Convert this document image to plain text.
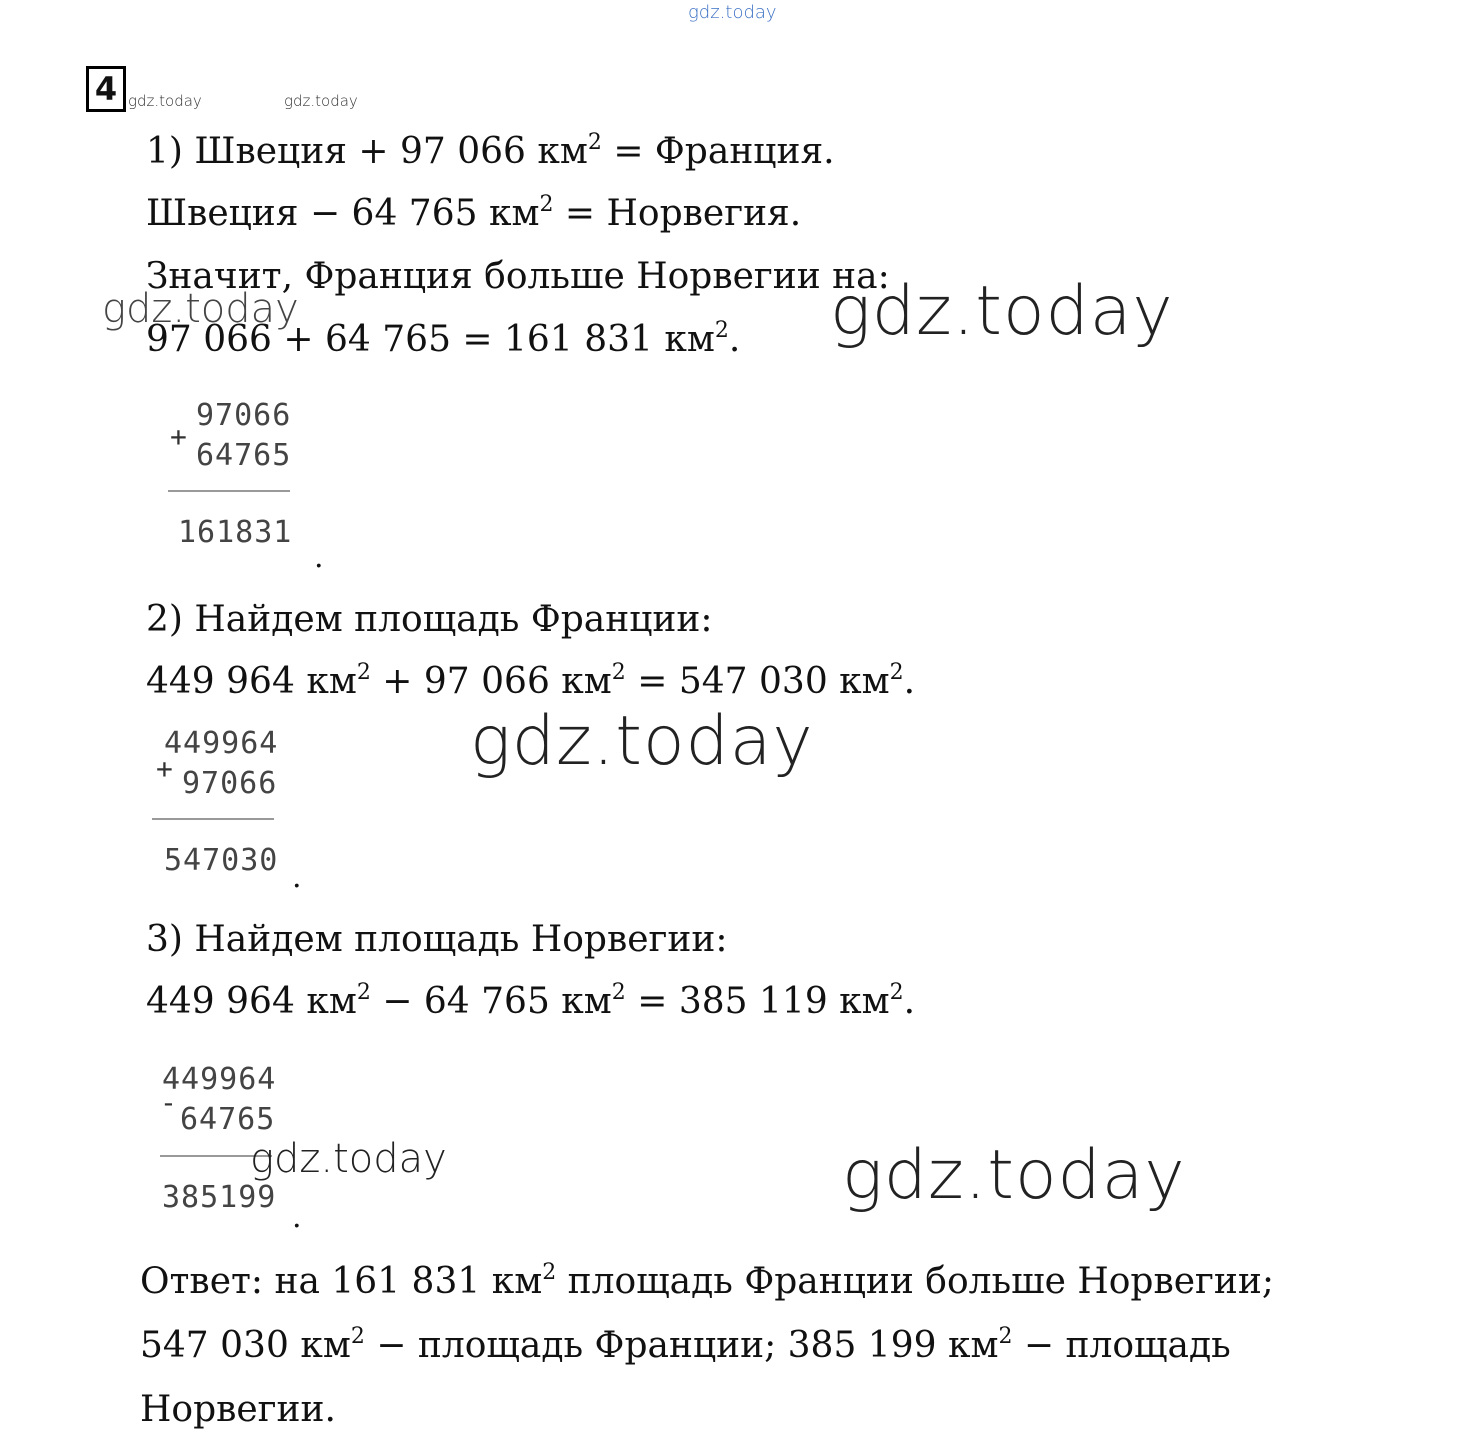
gdz.today
gdz.today	gdz.today
4
1) Швеция + 97 066 $км^2$ = Франция.
Швеция − 64 765 $км^2$ = Норвегия.
Значит, Франция больше Норвегии на:
gdz.today
97 066 + 64 765 = 161 831 $км^2$. gdz.today
+
97066
64765
161831
.
2) Найдем площадь Франции:
449 964 $км^2 + 97$ 066 $км^2 = 547$ 030 $км^2$.
+
449964
97066
547030 .
gdz.today
3) Найдем площадь Норвегии:
449 964 $км^2 - 64$ 765 $км^2 = 385$ 119 $км^2$.
449964
- 64765
385199
.
gdz.today	gdz.today
Ответ: на 161 831 $км^2$ площадь Франции больше Норвегии;
547 030 $км^2$ − площадь Франции; 385 199 $км^2$ − площадь
Норвегии.
